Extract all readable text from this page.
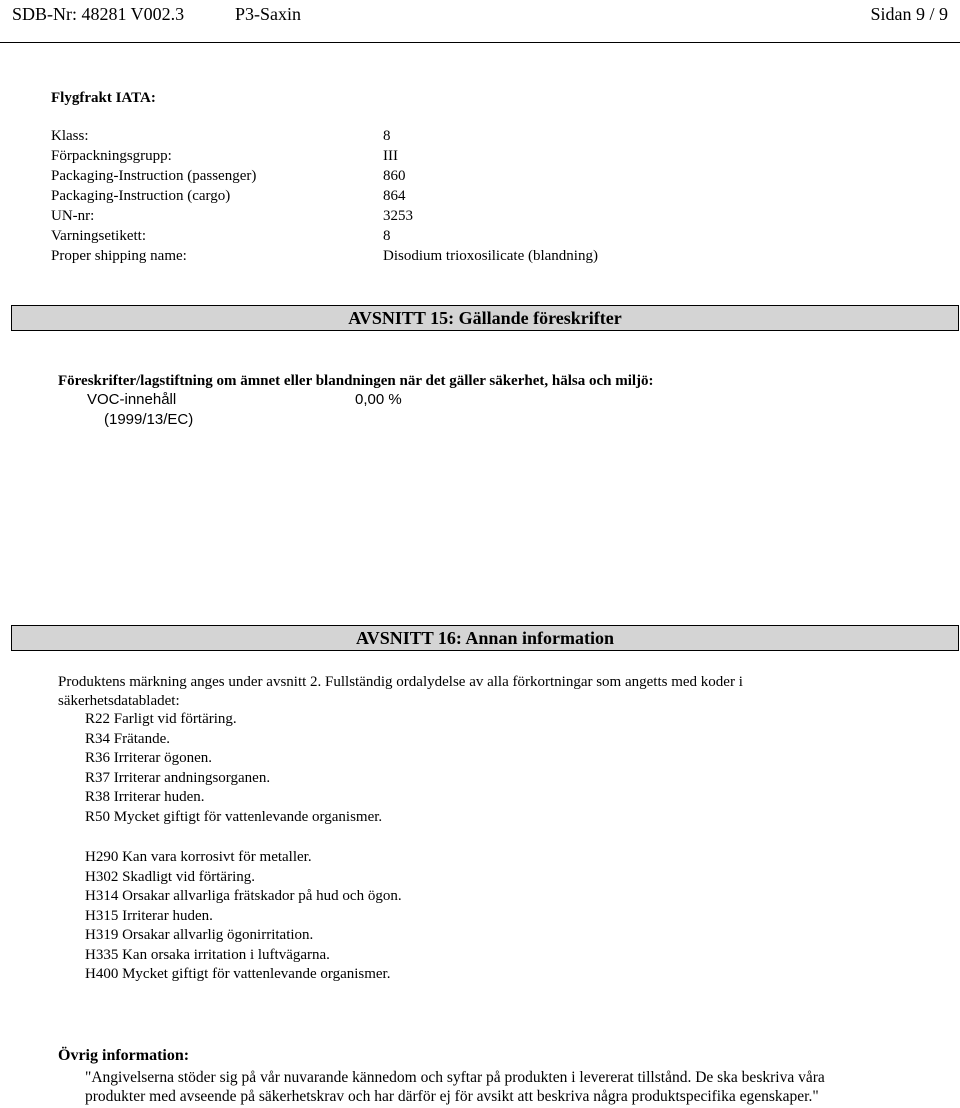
SDB-Nr: 48281 V002.3	P3-Saxin	Sidan 9 / 9
Flygfrakt IATA:
Klass:	8
Förpackningsgrupp:	III
Packaging-Instruction (passenger)	860
Packaging-Instruction (cargo)	864
UN-nr:	3253
Varningsetikett:	8
Proper shipping name:	Disodium trioxosilicate (blandning)
AVSNITT 15: Gällande föreskrifter
Föreskrifter/lagstiftning om ämnet eller blandningen när det gäller säkerhet, hälsa och miljö:
VOC-innehåll	0,00 %
(1999/13/EC)
AVSNITT 16: Annan information
Produktens märkning anges under avsnitt 2. Fullständig ordalydelse av alla förkortningar som angetts med koder i
säkerhetsdatabladet:
R22 Farligt vid förtäring.
R34 Frätande.
R36 Irriterar ögonen.
R37 Irriterar andningsorganen.
R38 Irriterar huden.
R50 Mycket giftigt för vattenlevande organismer.
H290 Kan vara korrosivt för metaller.
H302 Skadligt vid förtäring.
H314 Orsakar allvarliga frätskador på hud och ögon.
H315 Irriterar huden.
H319 Orsakar allvarlig ögonirritation.
H335 Kan orsaka irritation i luftvägarna.
H400 Mycket giftigt för vattenlevande organismer.
Övrig information:
"Angivelserna stöder sig på vår nuvarande kännedom och syftar på produkten i levererat tillstånd. De ska beskriva våra
produkter med avseende på säkerhetskrav och har därför ej för avsikt att beskriva några produktspecifika egenskaper."
